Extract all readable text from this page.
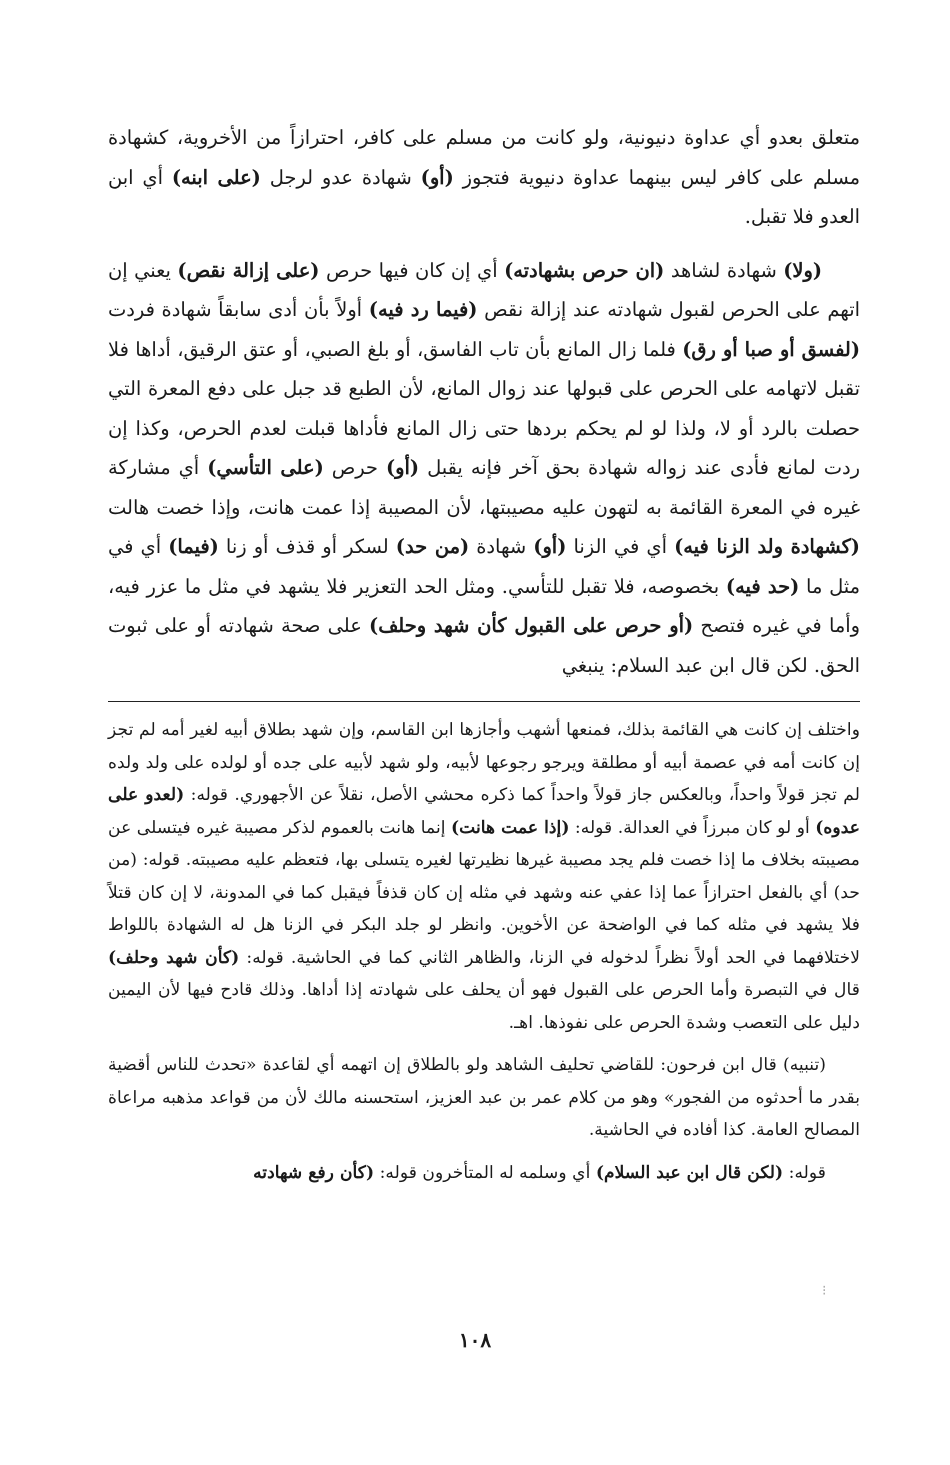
متعلق بعدو أي عداوة دنيونية، ولو كانت من مسلم على كافر، احترازاً من الأخروية، كشهادة مسلم على كافر ليس بينهما عداوة دنيوية فتجوز (أو) شهادة عدو لرجل (على ابنه) أي ابن العدو فلا تقبل.

(ولا) شهادة لشاهد (ان حرص بشهادته) أي إن كان فيها حرص (على إزالة نقص) يعني إن اتهم على الحرص لقبول شهادته عند إزالة نقص (فيما رد فيه) أولاً بأن أدى سابقاً شهادة فردت (لفسق أو صبا أو رق) فلما زال المانع بأن تاب الفاسق، أو بلغ الصبي، أو عتق الرقيق، أداها فلا تقبل لاتهامه على الحرص على قبولها عند زوال المانع، لأن الطبع قد جبل على دفع المعرة التي حصلت بالرد أو لا، ولذا لو لم يحكم بردها حتى زال المانع فأداها قبلت لعدم الحرص، وكذا إن ردت لمانع فأدى عند زواله شهادة بحق آخر فإنه يقبل (أو) حرص (على التأسي) أي مشاركة غيره في المعرة القائمة به لتهون عليه مصيبتها، لأن المصيبة إذا عمت هانت، وإذا خصت هالت (كشهادة ولد الزنا فيه) أي في الزنا (أو) شهادة (من حد) لسكر أو قذف أو زنا (فيما) أي في مثل ما (حد فيه) بخصوصه، فلا تقبل للتأسي. ومثل الحد التعزير فلا يشهد في مثل ما عزر فيه، وأما في غيره فتصح (أو حرص على القبول كأن شهد وحلف) على صحة شهادته أو على ثبوت الحق. لكن قال ابن عبد السلام: ينبغي

واختلف إن كانت هي القائمة بذلك، فمنعها أشهب وأجازها ابن القاسم، وإن شهد بطلاق أبيه لغير أمه لم تجز إن كانت أمه في عصمة أبيه أو مطلقة ويرجو رجوعها لأبيه، ولو شهد لأبيه على جده أو لولده على ولد ولده لم تجز قولاً واحداً، وبالعكس جاز قولاً واحداً كما ذكره محشي الأصل، نقلاً عن الأجهوري. قوله: (لعدو على عدوه) أو لو كان مبرزاً في العدالة. قوله: (إذا عمت هانت) إنما هانت بالعموم لذكر مصيبة غيره فيتسلى عن مصيبته بخلاف ما إذا خصت فلم يجد مصيبة غيرها نظيرتها لغيره يتسلى بها، فتعظم عليه مصيبته. قوله: (من حد) أي بالفعل احترازاً عما إذا عفي عنه وشهد في مثله إن كان قذفاً فيقبل كما في المدونة، لا إن كان قتلاً فلا يشهد في مثله كما في الواضحة عن الأخوين. وانظر لو جلد البكر في الزنا هل له الشهادة باللواط لاختلافهما في الحد أولاً نظراً لدخوله في الزنا، والظاهر الثاني كما في الحاشية. قوله: (كأن شهد وحلف) قال في التبصرة وأما الحرص على القبول فهو أن يحلف على شهادته إذا أداها. وذلك قادح فيها لأن اليمين دليل على التعصب وشدة الحرص على نفوذها. اهـ.

(تنبيه) قال ابن فرحون: للقاضي تحليف الشاهد ولو بالطلاق إن اتهمه أي لقاعدة «تحدث للناس أقضية بقدر ما أحدثوه من الفجور» وهو من كلام عمر بن عبد العزيز، استحسنه مالك لأن من قواعد مذهبه مراعاة المصالح العامة. كذا أفاده في الحاشية.

قوله: (لكن قال ابن عبد السلام) أي وسلمه له المتأخرون قوله: (كأن رفع شهادته

⁝
١٠٨
